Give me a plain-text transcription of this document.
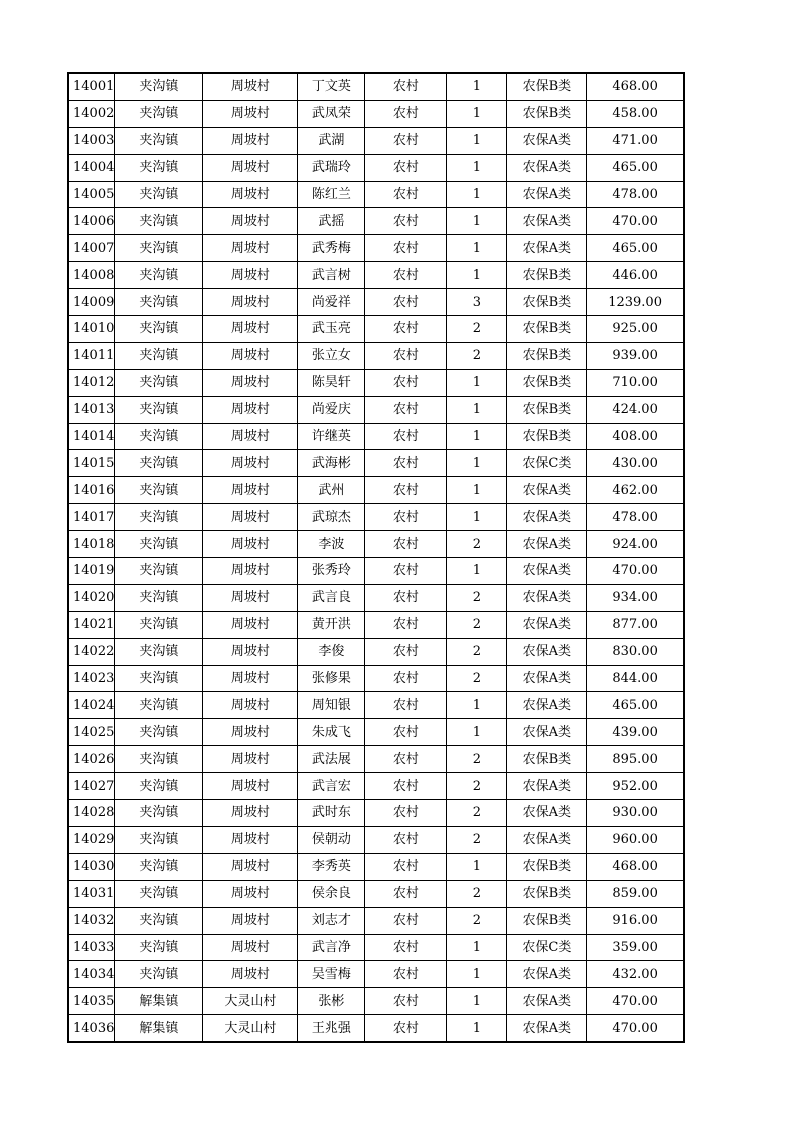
14001	夹沟镇	周坡村	丁文英	农村	1	农保B类	468.00
14002	夹沟镇	周坡村	武凤荣	农村	1	农保B类	458.00
14003	夹沟镇	周坡村	武湖	农村	1	农保A类	471.00
14004	夹沟镇	周坡村	武瑞玲	农村	1	农保A类	465.00
14005	夹沟镇	周坡村	陈红兰	农村	1	农保A类	478.00
14006	夹沟镇	周坡村	武摇	农村	1	农保A类	470.00
14007	夹沟镇	周坡村	武秀梅	农村	1	农保A类	465.00
14008	夹沟镇	周坡村	武言树	农村	1	农保B类	446.00
14009	夹沟镇	周坡村	尚爱祥	农村	3	农保B类	1239.00
14010	夹沟镇	周坡村	武玉亮	农村	2	农保B类	925.00
14011	夹沟镇	周坡村	张立女	农村	2	农保B类	939.00
14012	夹沟镇	周坡村	陈昊轩	农村	1	农保B类	710.00
14013	夹沟镇	周坡村	尚爱庆	农村	1	农保B类	424.00
14014	夹沟镇	周坡村	许继英	农村	1	农保B类	408.00
14015	夹沟镇	周坡村	武海彬	农村	1	农保C类	430.00
14016	夹沟镇	周坡村	武州	农村	1	农保A类	462.00
14017	夹沟镇	周坡村	武琼杰	农村	1	农保A类	478.00
14018	夹沟镇	周坡村	李波	农村	2	农保A类	924.00
14019	夹沟镇	周坡村	张秀玲	农村	1	农保A类	470.00
14020	夹沟镇	周坡村	武言良	农村	2	农保A类	934.00
14021	夹沟镇	周坡村	黄开洪	农村	2	农保A类	877.00
14022	夹沟镇	周坡村	李俊	农村	2	农保A类	830.00
14023	夹沟镇	周坡村	张修果	农村	2	农保A类	844.00
14024	夹沟镇	周坡村	周知银	农村	1	农保A类	465.00
14025	夹沟镇	周坡村	朱成飞	农村	1	农保A类	439.00
14026	夹沟镇	周坡村	武法展	农村	2	农保B类	895.00
14027	夹沟镇	周坡村	武言宏	农村	2	农保A类	952.00
14028	夹沟镇	周坡村	武时东	农村	2	农保A类	930.00
14029	夹沟镇	周坡村	侯朝动	农村	2	农保A类	960.00
14030	夹沟镇	周坡村	李秀英	农村	1	农保B类	468.00
14031	夹沟镇	周坡村	侯余良	农村	2	农保B类	859.00
14032	夹沟镇	周坡村	刘志才	农村	2	农保B类	916.00
14033	夹沟镇	周坡村	武言净	农村	1	农保C类	359.00
14034	夹沟镇	周坡村	吴雪梅	农村	1	农保A类	432.00
14035	解集镇	大灵山村	张彬	农村	1	农保A类	470.00
14036	解集镇	大灵山村	王兆强	农村	1	农保A类	470.00
